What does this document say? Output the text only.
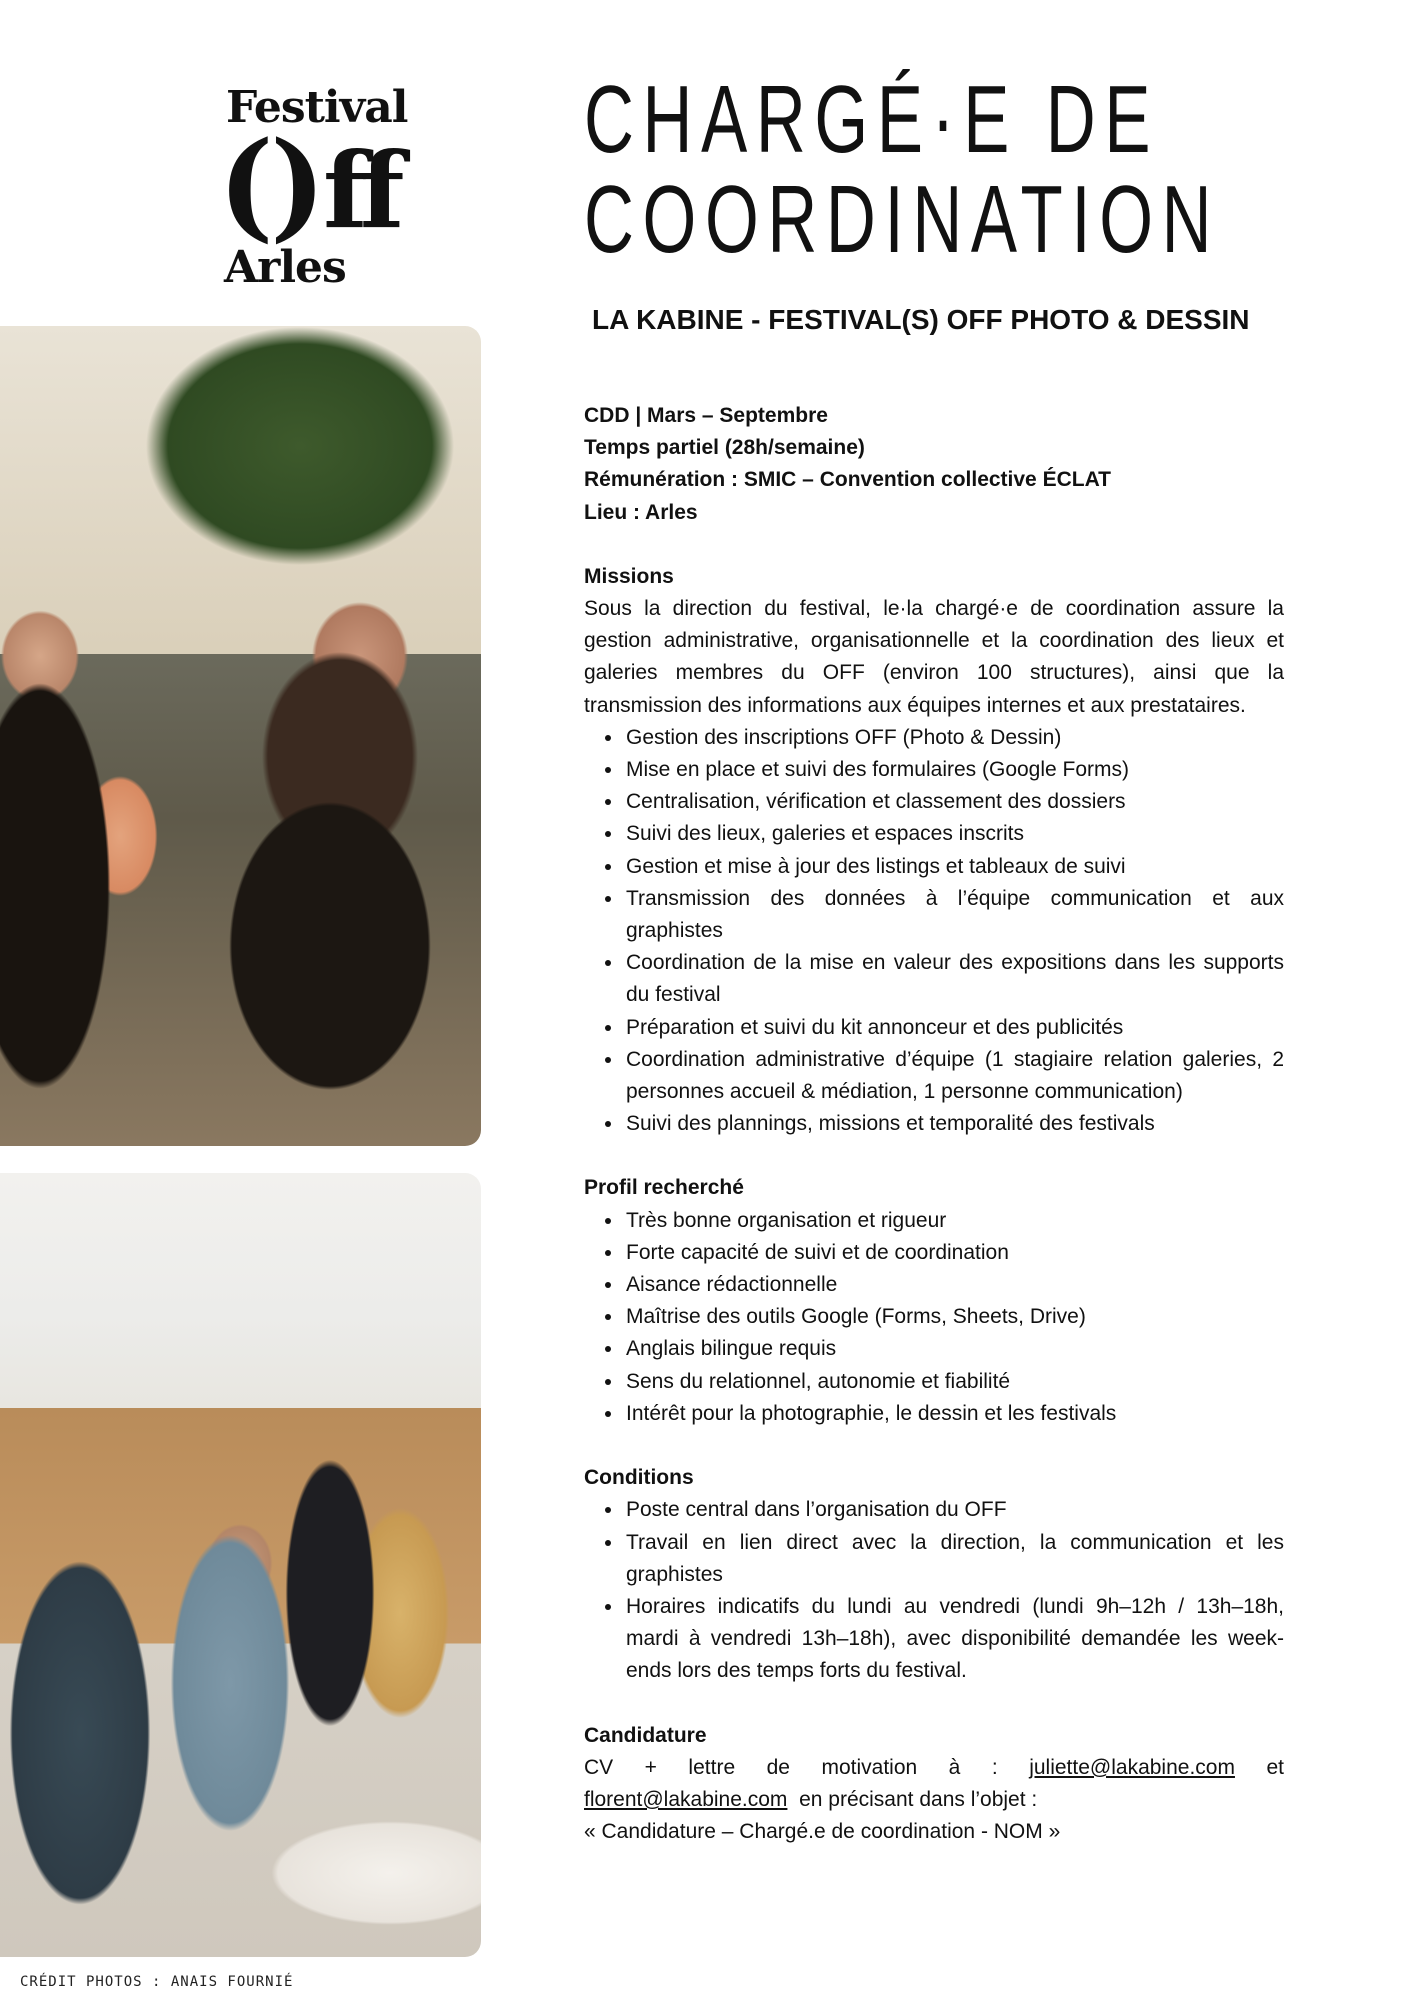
Festival
(
)
ff
Arles
CRÉDIT PHOTOS : ANAIS FOURNIÉ
CHARGÉ·E DE
COORDINATION
LA KABINE - FESTIVAL(S) OFF PHOTO & DESSIN
CDD | Mars – Septembre
Temps partiel (28h/semaine)
Rémunération : SMIC – Convention collective ÉCLAT
Lieu : Arles
Missions

Sous la direction du festival, le·la chargé·e de coordination assure la gestion administrative, organisationnelle et la coordination des lieux et galeries membres du OFF (environ 100 structures), ainsi que la transmission des informations aux équipes internes et aux prestataires.

• Gestion des inscriptions OFF (Photo & Dessin)
• Mise en place et suivi des formulaires (Google Forms)
• Centralisation, vérification et classement des dossiers
• Suivi des lieux, galeries et espaces inscrits
• Gestion et mise à jour des listings et tableaux de suivi
• Transmission des données à l’équipe communication et aux graphistes
• Coordination de la mise en valeur des expositions dans les supports du festival
• Préparation et suivi du kit annonceur et des publicités
• Coordination administrative d’équipe (1 stagiaire relation galeries, 2 personnes accueil & médiation, 1 personne communication)
• Suivi des plannings, missions et temporalité des festivals
Profil recherché
• Très bonne organisation et rigueur
• Forte capacité de suivi et de coordination
• Aisance rédactionnelle
• Maîtrise des outils Google (Forms, Sheets, Drive)
• Anglais bilingue requis
• Sens du relationnel, autonomie et fiabilité
• Intérêt pour la photographie, le dessin et les festivals
Conditions
• Poste central dans l’organisation du OFF
• Travail en lien direct avec la direction, la communication et les graphistes
• Horaires indicatifs du lundi au vendredi (lundi 9h–12h / 13h–18h, mardi à vendredi 13h–18h), avec disponibilité demandée les week-ends lors des temps forts du festival.
Candidature
CV + lettre de motivation à : juliette@lakabine.com et
florent@lakabine.com en précisant dans l’objet :
« Candidature – Chargé.e de coordination - NOM »
